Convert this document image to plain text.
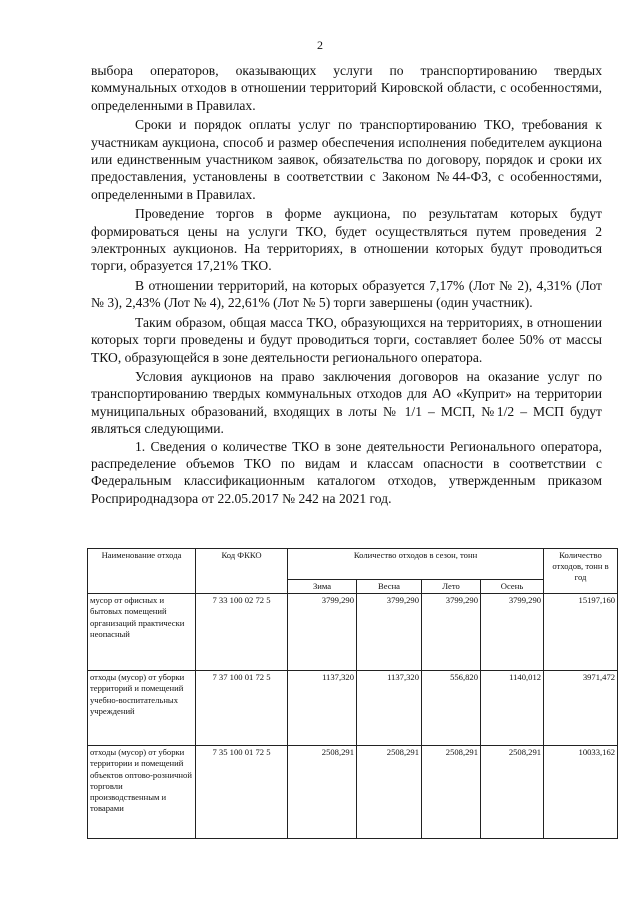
2

выбора операторов, оказывающих услуги по транспортированию твердых коммунальных отходов в отношении территорий Кировской области, с особенностями, определенными в Правилах.

Сроки и порядок оплаты услуг по транспортированию ТКО, требования к участникам аукциона, способ и размер обеспечения исполнения победителем аукциона или единственным участником заявок, обязательства по договору, порядок и сроки их предоставления, установлены в соответствии с Законом №44-ФЗ, с особенностями, определенными в Правилах.

Проведение торгов в форме аукциона, по результатам которых будут формироваться цены на услуги ТКО, будет осуществляться путем проведения 2 электронных аукционов. На территориях, в отношении которых будут проводиться торги, образуется 17,21% ТКО.

В отношении территорий, на которых образуется 7,17% (Лот № 2), 4,31% (Лот № 3), 2,43% (Лот № 4), 22,61% (Лот № 5) торги завершены (один участник).

Таким образом, общая масса ТКО, образующихся на территориях, в отношении которых торги проведены и будут проводиться торги, составляет более 50% от массы ТКО, образующейся в зоне деятельности регионального оператора.

Условия аукционов на право заключения договоров на оказание услуг по транспортированию твердых коммунальных отходов для АО «Куприт» на территории муниципальных образований, входящих в лоты № 1/1 – МСП, №1/2 – МСП будут являться следующими.

1. Сведения о количестве ТКО в зоне деятельности Регионального оператора, распределение объемов ТКО по видам и классам опасности в соответствии с Федеральным классификационным каталогом отходов, утвержденным приказом Росприроднадзора от 22.05.2017 № 242 на 2021 год.

Наименование отхода	Код ФККО	Количество отходов в сезон, тонн				Количество отходов, тонн в год
		Зима	Весна	Лето	Осень	
мусор от офисных и бытовых помещений организаций практически неопасный	7 33 100 02 72 5	3799,290	3799,290	3799,290	3799,290	15197,160
отходы (мусор) от уборки территорий и помещений учебно-воспитательных учреждений	7 37 100 01 72 5	1137,320	1137,320	556,820	1140,012	3971,472
отходы (мусор) от уборки территории и помещений объектов оптово-розничной торговли производственным и товарами	7 35 100 01 72 5	2508,291	2508,291	2508,291	2508,291	10033,162
